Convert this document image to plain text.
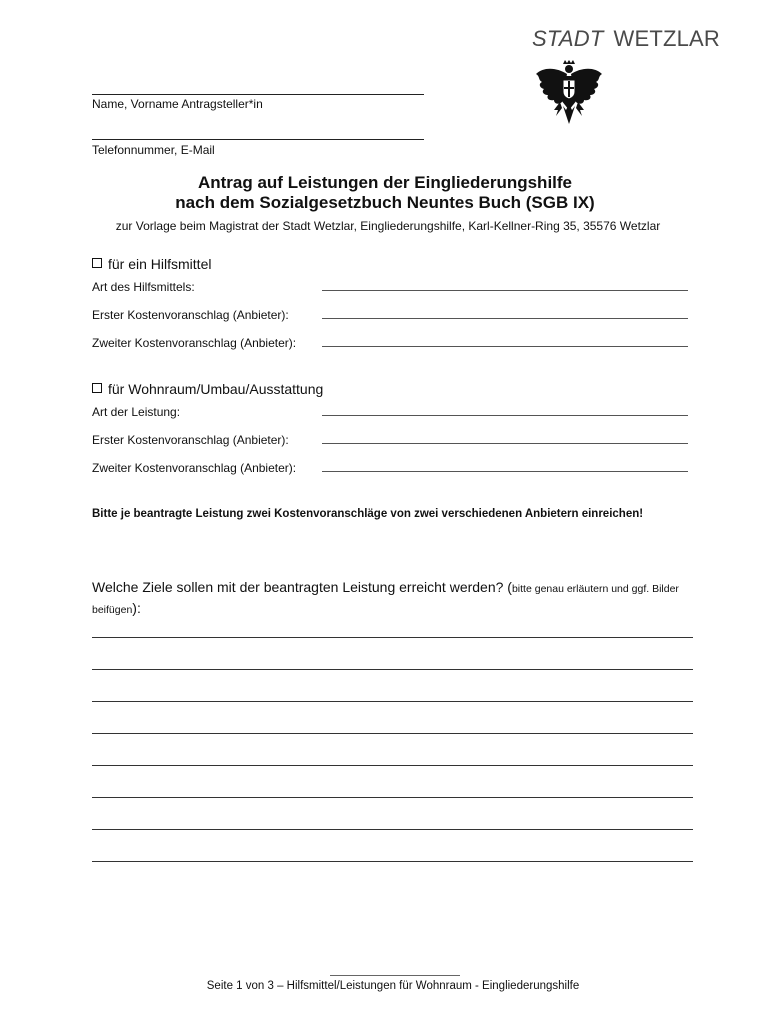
STADT WETZLAR
Name, Vorname Antragsteller*in
Telefonnummer, E-Mail
Antrag auf Leistungen der Eingliederungshilfe
nach dem Sozialgesetzbuch Neuntes Buch (SGB IX)
zur Vorlage beim Magistrat der Stadt Wetzlar, Eingliederungshilfe, Karl-Kellner-Ring 35, 35576 Wetzlar
für ein Hilfsmittel
Art des Hilfsmittels:
Erster Kostenvoranschlag (Anbieter):
Zweiter Kostenvoranschlag (Anbieter):
für Wohnraum/Umbau/Ausstattung
Art der Leistung:
Erster Kostenvoranschlag (Anbieter):
Zweiter Kostenvoranschlag (Anbieter):
Bitte je beantragte Leistung zwei Kostenvoranschläge von zwei verschiedenen Anbietern einreichen!
Welche Ziele sollen mit der beantragten Leistung erreicht werden? (bitte genau erläutern und ggf. Bilder beifügen):
Seite 1 von 3 – Hilfsmittel/Leistungen für Wohnraum - Eingliederungshilfe
